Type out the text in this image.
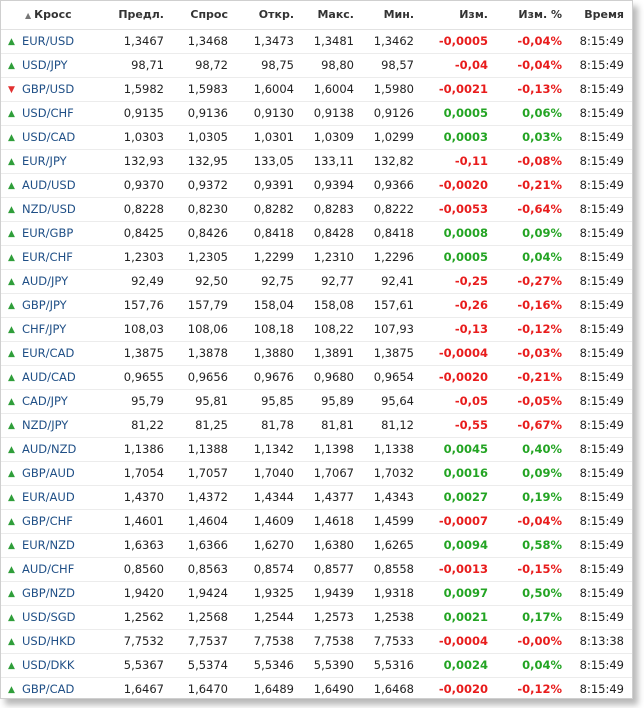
▲ Кросс	Предл.	Спрос	Откр.	Макс.	Мин.	Изм.	Изм. %	Время
▲ EUR/USD	1,3467	1,3468	1,3473	1,3481	1,3462	-0,0005	-0,04%	8:15:49
▲ USD/JPY	98,71	98,72	98,75	98,80	98,57	-0,04	-0,04%	8:15:49
▼ GBP/USD	1,5982	1,5983	1,6004	1,6004	1,5980	-0,0021	-0,13%	8:15:49
▲ USD/CHF	0,9135	0,9136	0,9130	0,9138	0,9126	0,0005	0,06%	8:15:49
▲ USD/CAD	1,0303	1,0305	1,0301	1,0309	1,0299	0,0003	0,03%	8:15:49
▲ EUR/JPY	132,93	132,95	133,05	133,11	132,82	-0,11	-0,08%	8:15:49
▲ AUD/USD	0,9370	0,9372	0,9391	0,9394	0,9366	-0,0020	-0,21%	8:15:49
▲ NZD/USD	0,8228	0,8230	0,8282	0,8283	0,8222	-0,0053	-0,64%	8:15:49
▲ EUR/GBP	0,8425	0,8426	0,8418	0,8428	0,8418	0,0008	0,09%	8:15:49
▲ EUR/CHF	1,2303	1,2305	1,2299	1,2310	1,2296	0,0005	0,04%	8:15:49
▲ AUD/JPY	92,49	92,50	92,75	92,77	92,41	-0,25	-0,27%	8:15:49
▲ GBP/JPY	157,76	157,79	158,04	158,08	157,61	-0,26	-0,16%	8:15:49
▲ CHF/JPY	108,03	108,06	108,18	108,22	107,93	-0,13	-0,12%	8:15:49
▲ EUR/CAD	1,3875	1,3878	1,3880	1,3891	1,3875	-0,0004	-0,03%	8:15:49
▲ AUD/CAD	0,9655	0,9656	0,9676	0,9680	0,9654	-0,0020	-0,21%	8:15:49
▲ CAD/JPY	95,79	95,81	95,85	95,89	95,64	-0,05	-0,05%	8:15:49
▲ NZD/JPY	81,22	81,25	81,78	81,81	81,12	-0,55	-0,67%	8:15:49
▲ AUD/NZD	1,1386	1,1388	1,1342	1,1398	1,1338	0,0045	0,40%	8:15:49
▲ GBP/AUD	1,7054	1,7057	1,7040	1,7067	1,7032	0,0016	0,09%	8:15:49
▲ EUR/AUD	1,4370	1,4372	1,4344	1,4377	1,4343	0,0027	0,19%	8:15:49
▲ GBP/CHF	1,4601	1,4604	1,4609	1,4618	1,4599	-0,0007	-0,04%	8:15:49
▲ EUR/NZD	1,6363	1,6366	1,6270	1,6380	1,6265	0,0094	0,58%	8:15:49
▲ AUD/CHF	0,8560	0,8563	0,8574	0,8577	0,8558	-0,0013	-0,15%	8:15:49
▲ GBP/NZD	1,9420	1,9424	1,9325	1,9439	1,9318	0,0097	0,50%	8:15:49
▲ USD/SGD	1,2562	1,2568	1,2544	1,2573	1,2538	0,0021	0,17%	8:15:49
▲ USD/HKD	7,7532	7,7537	7,7538	7,7538	7,7533	-0,0004	-0,00%	8:13:38
▲ USD/DKK	5,5367	5,5374	5,5346	5,5390	5,5316	0,0024	0,04%	8:15:49
▲ GBP/CAD	1,6467	1,6470	1,6489	1,6490	1,6468	-0,0020	-0,12%	8:15:49
